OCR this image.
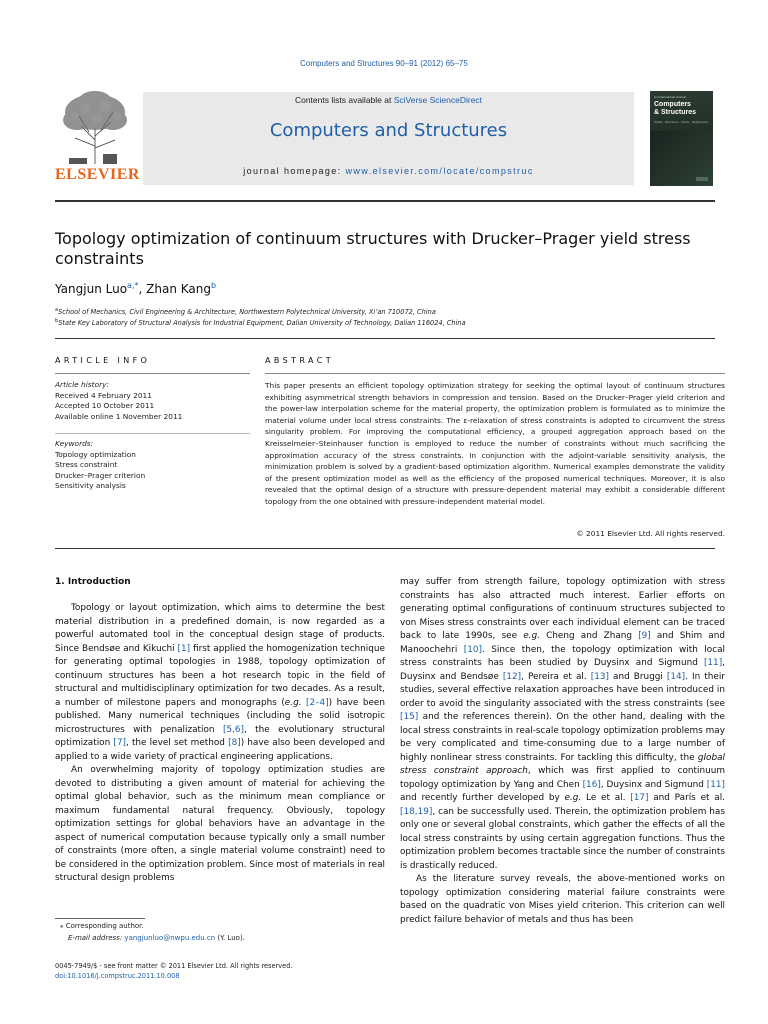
Computers and Structures 90–91 (2012) 65–75
ELSEVIER
Contents lists available at SciVerse ScienceDirect
Computers and Structures
journal homepage: www.elsevier.com/locate/compstruc
An International Journal
Computers
& Structures
Solids · Structures · Fluids · Multiphysics
Topology optimization of continuum structures with Drucker–Prager yield stress constraints
Yangjun Luo$^{a,*}$, Zhan Kang$^b$
$^a$School of Mechanics, Civil Engineering & Architecture, Northwestern Polytechnical University, Xi’an 710072, China
$^b$State Key Laboratory of Structural Analysis for Industrial Equipment, Dalian University of Technology, Dalian 116024, China
ARTICLE INFO
Article history:
Received 4 February 2011
Accepted 10 October 2011
Available online 1 November 2011
Keywords:
Topology optimization
Stress constraint
Drucker–Prager criterion
Sensitivity analysis
ABSTRACT
This paper presents an efficient topology optimization strategy for seeking the optimal layout of continuum structures exhibiting asymmetrical strength behaviors in compression and tension. Based on the Drucker–Prager yield criterion and the power-law interpolation scheme for the material property, the optimization problem is formulated as to minimize the material volume under local stress constraints. The ε-relaxation of stress constraints is adopted to circumvent the stress singularity problem. For improving the computational efficiency, a grouped aggregation approach based on the Kreisselmeier–Steinhauser function is employed to reduce the number of constraints without much sacrificing the approximation accuracy of the stress constraints. In conjunction with the adjoint-variable sensitivity analysis, the minimization problem is solved by a gradient-based optimization algorithm. Numerical examples demonstrate the validity of the present optimization model as well as the efficiency of the proposed numerical techniques. Moreover, it is also revealed that the optimal design of a structure with pressure-dependent material may exhibit a considerable different topology from the one obtained with pressure-independent material model.
© 2011 Elsevier Ltd. All rights reserved.
1. Introduction

Topology or layout optimization, which aims to determine the best material distribution in a predefined domain, is now regarded as a powerful automated tool in the conceptual design stage of products. Since Bendsøe and Kikuchi [1] first applied the homogenization technique for generating optimal topologies in 1988, topology optimization of continuum structures has been a hot research topic in the field of structural and multidisciplinary optimization for two decades. As a result, a number of milestone papers and monographs (e.g. [2–4]) have been published. Many numerical techniques (including the solid isotropic microstructures with penalization [5,6], the evolutionary structural optimization [7], the level set method [8]) have also been developed and applied to a wide variety of practical engineering applications.

An overwhelming majority of topology optimization studies are devoted to distributing a given amount of material for achieving the optimal global behavior, such as the minimum mean compliance or maximum fundamental natural frequency. Obviously, topology optimization settings for global behaviors have an advantage in the aspect of numerical computation because typically only a small number of constraints (more often, a single material volume constraint) need to be considered in the optimization problem. Since most of materials in real structural design problems

may suffer from strength failure, topology optimization with stress constraints has also attracted much interest. Earlier efforts on generating optimal configurations of continuum structures subjected to von Mises stress constraints over each individual element can be traced back to late 1990s, see e.g. Cheng and Zhang [9] and Shim and Manoochehri [10]. Since then, the topology optimization with local stress constraints has been studied by Duysinx and Sigmund [11], Duysinx and Bendsøe [12], Pereira et al. [13] and Bruggi [14]. In their studies, several effective relaxation approaches have been introduced in order to avoid the singularity associated with the stress constraints (see [15] and the references therein). On the other hand, dealing with the local stress constraints in real-scale topology optimization problems may be very complicated and time-consuming due to a large number of highly nonlinear stress constraints. For tackling this difficulty, the global stress constraint approach, which was first applied to continuum topology optimization by Yang and Chen [16], Duysinx and Sigmund [11] and recently further developed by e.g. Le et al. [17] and París et al. [18,19], can be successfully used. Therein, the optimization problem has only one or several global constraints, which gather the effects of all the local stress constraints by using certain aggregation functions. Thus the optimization problem becomes tractable since the number of constraints is drastically reduced.

As the literature survey reveals, the above-mentioned works on topology optimization considering material failure constraints were based on the quadratic von Mises yield criterion. This criterion can well predict failure behavior of metals and thus has been

⁎ Corresponding author.
E-mail address: yangjunluo@nwpu.edu.cn (Y. Luo).
0045-7949/$ - see front matter © 2011 Elsevier Ltd. All rights reserved.
doi:10.1016/j.compstruc.2011.10.008
